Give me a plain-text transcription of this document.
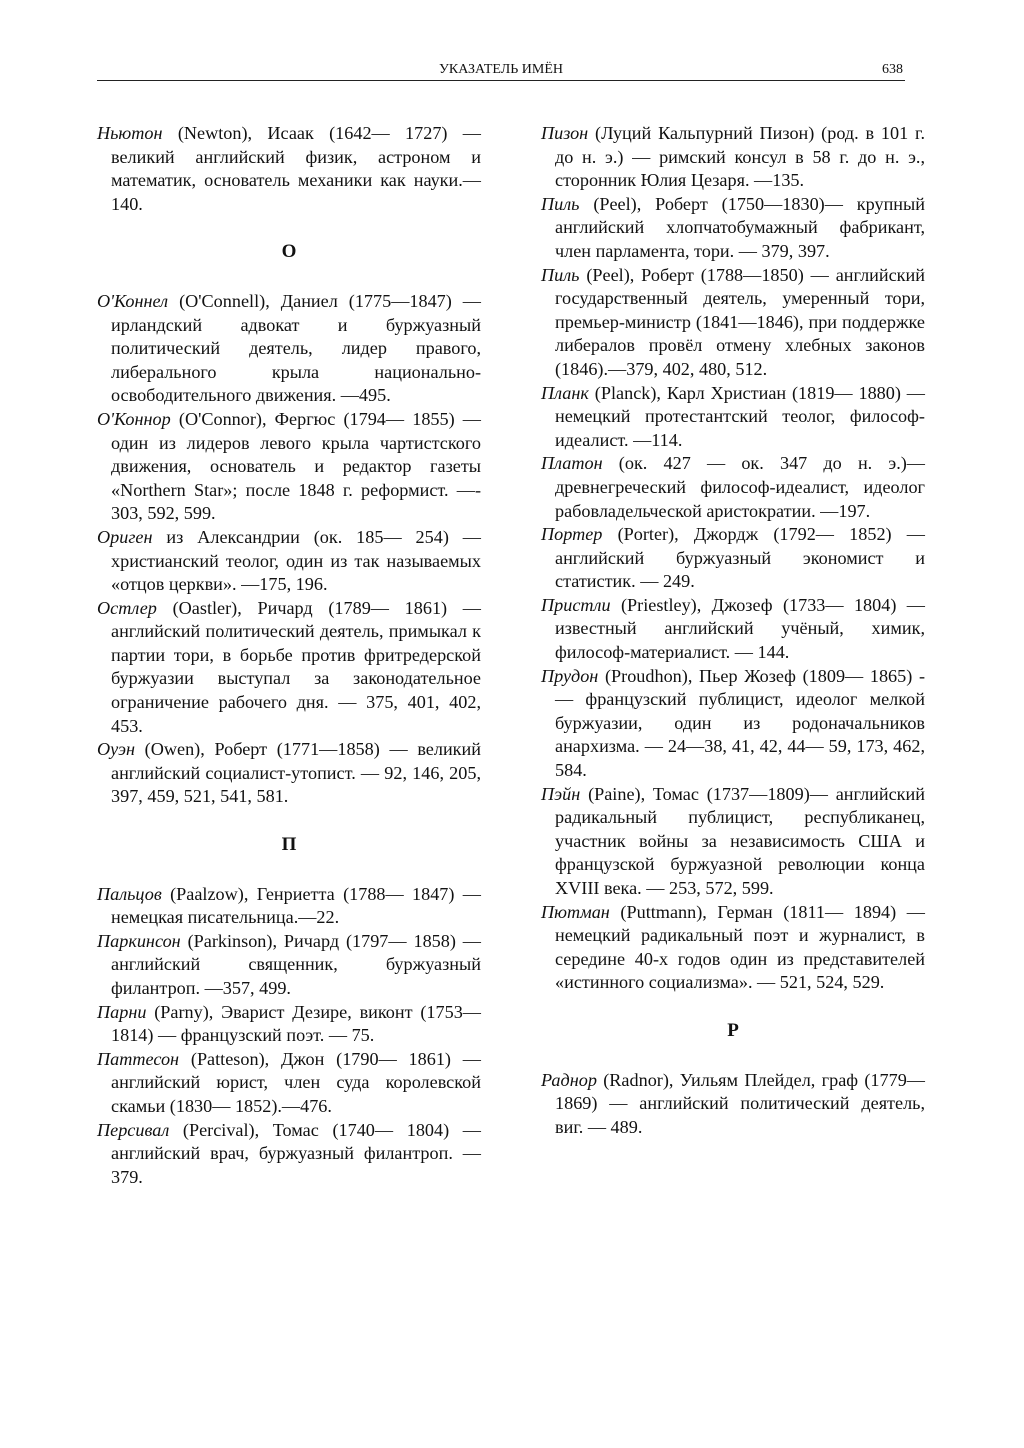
УКАЗАТЕЛЬ ИМЁН	638

Ньютон (Newton), Исаак (1642— 1727) — великий английский физик, астроном и математик, основатель механики как науки.— 140.

О

О'Коннел (O'Connell), Даниел (1775—1847) — ирландский адвокат и буржуазный политический деятель, лидер правого, либерального крыла национально-освободительного движения. —495.

О'Коннор (O'Connor), Фергюс (1794— 1855) — один из лидеров левого крыла чартистского движения, основатель и редактор газеты «Northern Star»; после 1848 г. реформист. —- 303, 592, 599.

Ориген из Александрии (ок. 185— 254) — христианский теолог, один из так называемых «отцов церкви». —175, 196.

Остлер (Oastler), Ричард (1789— 1861) — английский политический деятель, примыкал к партии тори, в борьбе против фритредерской буржуазии выступал за законодательное ограничение рабочего дня. — 375, 401, 402, 453.

Оуэн (Owen), Роберт (1771—1858) — великий английский социалист-утопист. — 92, 146, 205, 397, 459, 521, 541, 581.

П

Пальцов (Paalzow), Генриетта (1788— 1847) — немецкая писательница.—22.

Паркинсон (Parkinson), Ричард (1797— 1858) — английский священник, буржуазный филантроп. —357, 499.

Парни (Parny), Эварист Дезире, виконт (1753—1814) — французский поэт. — 75.

Паттесон (Patteson), Джон (1790— 1861) — английский юрист, член суда королевской скамьи (1830— 1852).—476.

Персивал (Percival), Томас (1740— 1804) — английский врач, буржуазный филантроп. — 379.

Пизон (Луций Кальпурний Пизон) (род. в 101 г. до н. э.) — римский консул в 58 г. до н. э., сторонник Юлия Цезаря. —135.

Пиль (Peel), Роберт (1750—1830)— крупный английский хлопчатобумажный фабрикант, член парламента, тори. — 379, 397.

Пиль (Peel), Роберт (1788—1850) — английский государственный деятель, умеренный тори, премьер-министр (1841—1846), при поддержке либералов провёл отмену хлебных законов (1846).—379, 402, 480, 512.

Планк (Planck), Карл Христиан (1819— 1880) — немецкий протестантский теолог, философ-идеалист. —114.

Платон (ок. 427 — ок. 347 до н. э.)— древнегреческий философ-идеалист, идеолог рабовладельческой аристократии. —197.

Портер (Porter), Джордж (1792— 1852) — английский буржуазный экономист и статистик. — 249.

Пристли (Priestley), Джозеф (1733— 1804) — известный английский учёный, химик, философ-материалист. — 144.

Прудон (Proudhon), Пьер Жозеф (1809— 1865) -— французский публицист, идеолог мелкой буржуазии, один из родоначальников анархизма. — 24—38, 41, 42, 44— 59, 173, 462, 584.

Пэйн (Paine), Томас (1737—1809)— английский радикальный публицист, республиканец, участник войны за независимость США и французской буржуазной революции конца XVIII века. — 253, 572, 599.

Пютман (Puttmann), Герман (1811— 1894) — немецкий радикальный поэт и журналист, в середине 40-х годов один из представителей «истинного социализма». — 521, 524, 529.

Р

Раднор (Radnor), Уильям Плейдел, граф (1779—1869) — английский политический деятель, виг. — 489.
